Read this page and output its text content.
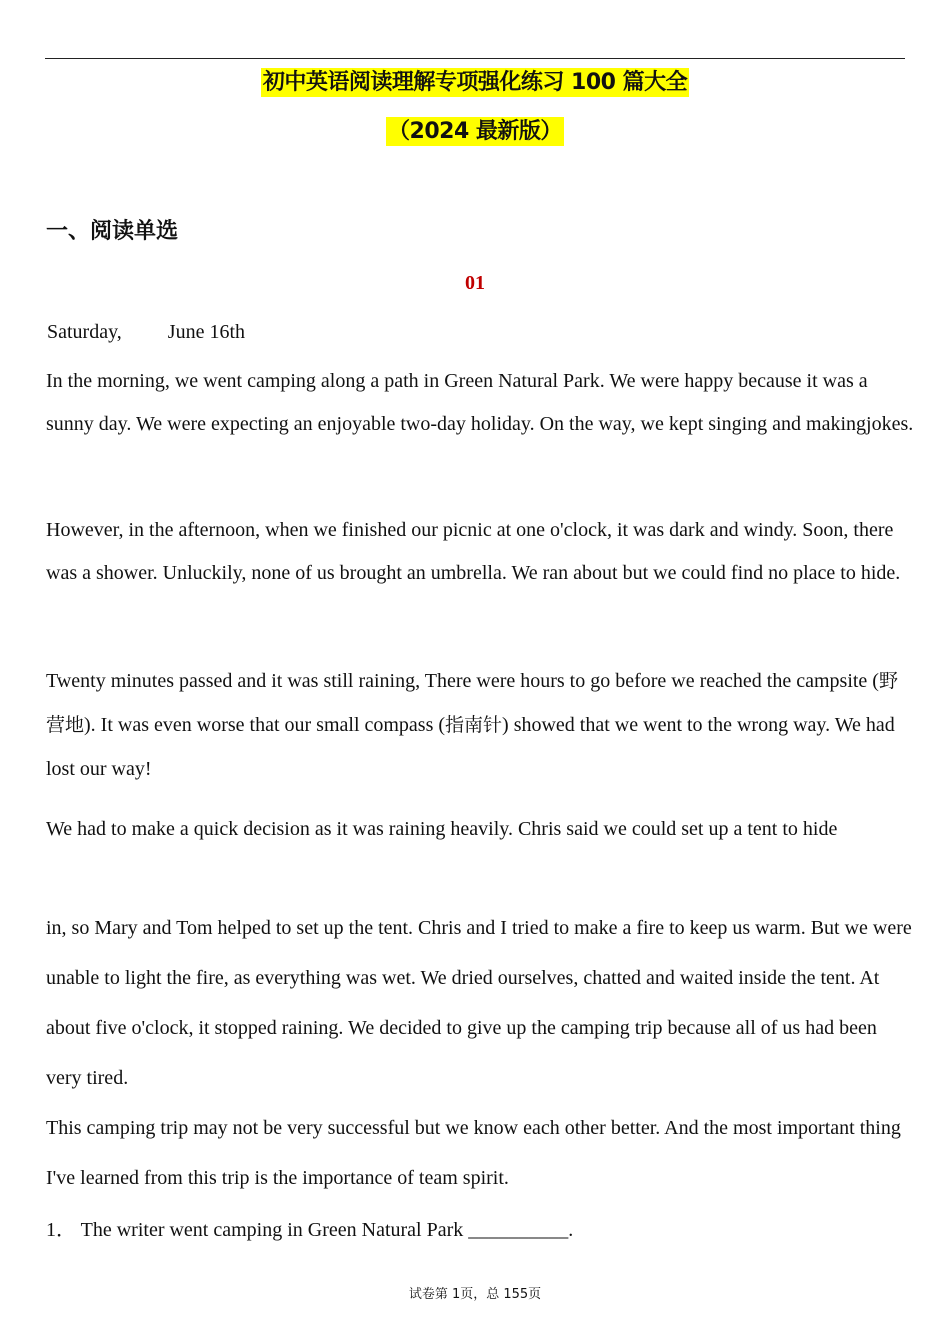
初中英语阅读理解专项强化练习 100 篇大全
（2024 最新版）
一、阅读单选
01
Saturday, June 16th

In the morning, we went camping along a path in Green Natural Park. We were happy because it was a sunny day. We were expecting an enjoyable two-day holiday. On the way, we kept singing and makingjokes.

However, in the afternoon, when we finished our picnic at one o'clock, it was dark and windy. Soon, there was a shower. Unluckily, none of us brought an umbrella. We ran about but we could find no place to hide.

Twenty minutes passed and it was still raining, There were hours to go before we reached the campsite (野营地). It was even worse that our small compass (指南针) showed that we went to the wrong way. We had lost our way!

We had to make a quick decision as it was raining heavily. Chris said we could set up a tent to hide

in, so Mary and Tom helped to set up the tent. Chris and I tried to make a fire to keep us warm. But we were unable to light the fire, as everything was wet. We dried ourselves, chatted and waited inside the tent. At about five o'clock, it stopped raining. We decided to give up the camping trip because all of us had been very tired.

This camping trip may not be very successful but we know each other better. And the most important thing I've learned from this trip is the importance of team spirit.

1． The writer went camping in Green Natural Park __________.
试卷第 1页，总 155页
